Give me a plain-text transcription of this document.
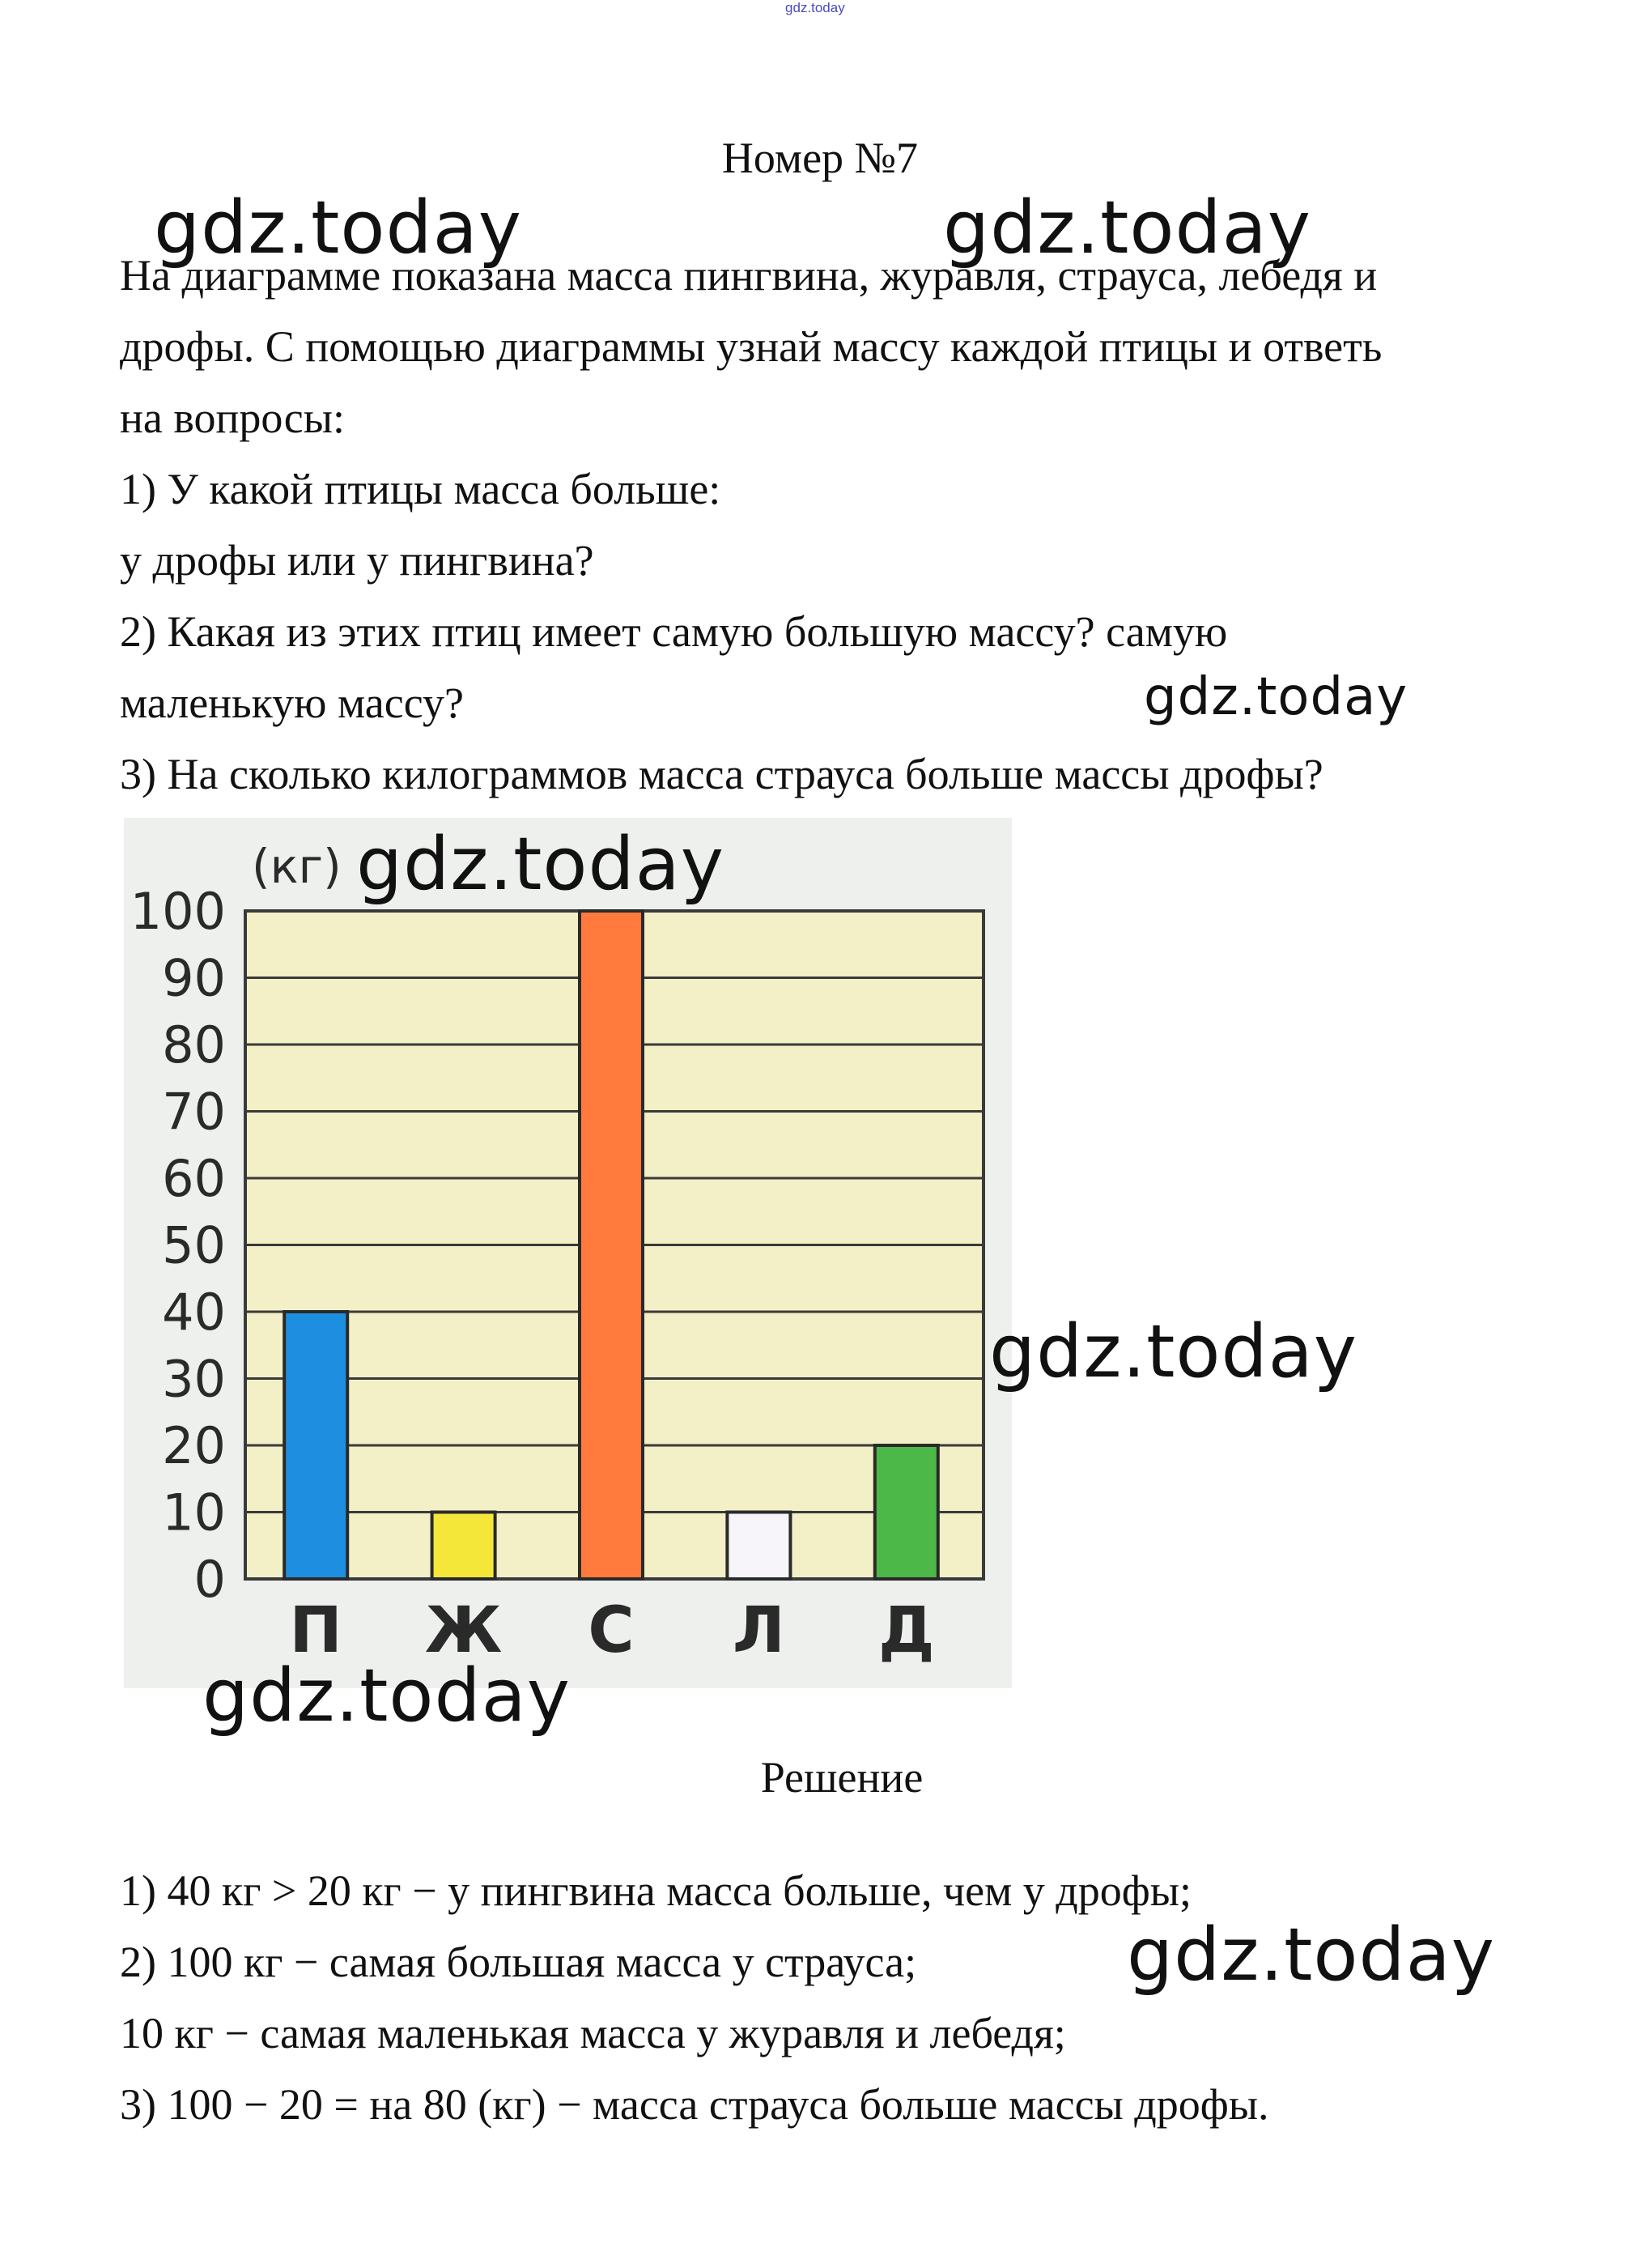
gdz.today
Номер №7
На диаграмме показана масса пингвина, журавля, страуса, лебедя и
дрофы. С помощью диаграммы узнай массу каждой птицы и ответь
на вопросы:
1) У какой птицы масса больше:
у дрофы или у пингвина?
2) Какая из этих птиц имеет самую большую массу? самую
маленькую массу?
3) На сколько килограммов масса страуса больше массы дрофы?
0
10
20
30
40
50
60
70
80
90
100
П Ж С Л Д
(кг)
Решение
1) 40 кг > 20 кг − у пингвина масса больше, чем у дрофы;
2) 100 кг − самая большая масса у страуса;
10 кг − самая маленькая масса у журавля и лебедя;
3) 100 − 20 = на 80 (кг) − масса страуса больше массы дрофы.
gdz.today	gdz.today
gdz.today
gdz.today
gdz.today
gdz.today
gdz.today
